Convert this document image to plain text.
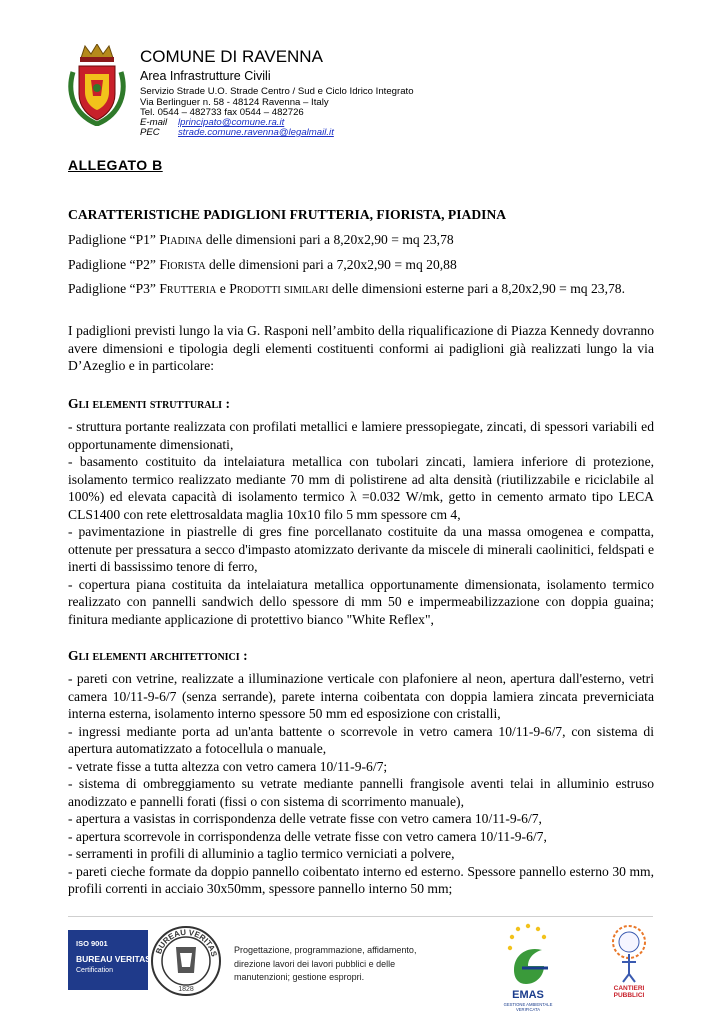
COMUNE DI RAVENNA
Area Infrastrutture Civili
Servizio Strade U.O. Strade Centro / Sud e Ciclo Idrico Integrato
Via Berlinguer n. 58 - 48124 Ravenna – Italy
Tel. 0544 – 482733 fax 0544 – 482726
E-mail lprincipato@comune.ra.it
PEC strade.comune.ravenna@legalmail.it
ALLEGATO B
CARATTERISTICHE PADIGLIONI FRUTTERIA, FIORISTA, PIADINA
Padiglione “P1” Piadina delle dimensioni pari a 8,20x2,90 = mq 23,78
Padiglione “P2” Fiorista delle dimensioni pari a 7,20x2,90 = mq 20,88
Padiglione “P3” Frutteria e Prodotti similari delle dimensioni esterne pari a 8,20x2,90 = mq 23,78.
I padiglioni previsti lungo la via G. Rasponi nell’ambito della riqualificazione di Piazza Kennedy dovranno avere dimensioni e tipologia degli elementi costituenti conformi ai padiglioni già realizzati lungo la via D’Azeglio e in particolare:
Gli elementi strutturali :
- struttura portante realizzata con profilati metallici e lamiere pressopiegate, zincati, di spessori variabili ed opportunamente dimensionati,
- basamento costituito da intelaiatura metallica con tubolari zincati, lamiera inferiore di protezione, isolamento termico realizzato mediante 70 mm di polistirene ad alta densità (riutilizzabile e riciclabile al 100%) ed elevata capacità di isolamento termico λ =0.032 W/mk, getto in cemento armato tipo LECA CLS1400 con rete elettrosaldata maglia 10x10 filo 5 mm spessore cm 4,
- pavimentazione in piastrelle di gres fine porcellanato costituite da una massa omogenea e compatta, ottenute per pressatura a secco d'impasto atomizzato derivante da miscele di minerali caolinitici, feldspati e inerti di bassissimo tenore di ferro,
- copertura piana costituita da intelaiatura metallica opportunamente dimensionata, isolamento termico realizzato con pannelli sandwich dello spessore di mm 50 e impermeabilizzazione con doppia guaina; finitura mediante applicazione di protettivo bianco "White Reflex",
Gli elementi architettonici :
- pareti con vetrine, realizzate a illuminazione verticale con plafoniere al neon, apertura dall'esterno, vetri camera 10/11-9-6/7 (senza serrande), parete interna coibentata con doppia lamiera zincata preverniciata interna esterna, isolamento interno spessore 50 mm ed esposizione con cristalli,
- ingressi mediante porta ad un'anta battente o scorrevole in vetro camera 10/11-9-6/7, con sistema di apertura automatizzato a fotocellula o manuale,
- vetrate fisse a tutta altezza con vetro camera 10/11-9-6/7;
- sistema di ombreggiamento su vetrate mediante pannelli frangisole aventi telai in alluminio estruso anodizzato e pannelli forati (fissi o con sistema di scorrimento manuale),
- apertura a vasistas in corrispondenza delle vetrate fisse con vetro camera 10/11-9-6/7,
- apertura scorrevole in corrispondenza delle vetrate fisse con vetro camera 10/11-9-6/7,
- serramenti in profili di alluminio a taglio termico verniciati a polvere,
- pareti cieche formate da doppio pannello coibentato interno ed esterno. Spessore pannello esterno 30 mm, profili correnti in acciaio 30x50mm, spessore pannello interno 50 mm;
ISO 9001
BUREAU VERITAS
Certification
BUREAU VERITAS
1828
Progettazione, programmazione, affidamento, direzione lavori dei lavori pubblici e delle manutenzioni; gestione espropri.
EMAS
GESTIONE AMBIENTALE
VERIFICATA
CANTIERI
PUBBLICI
